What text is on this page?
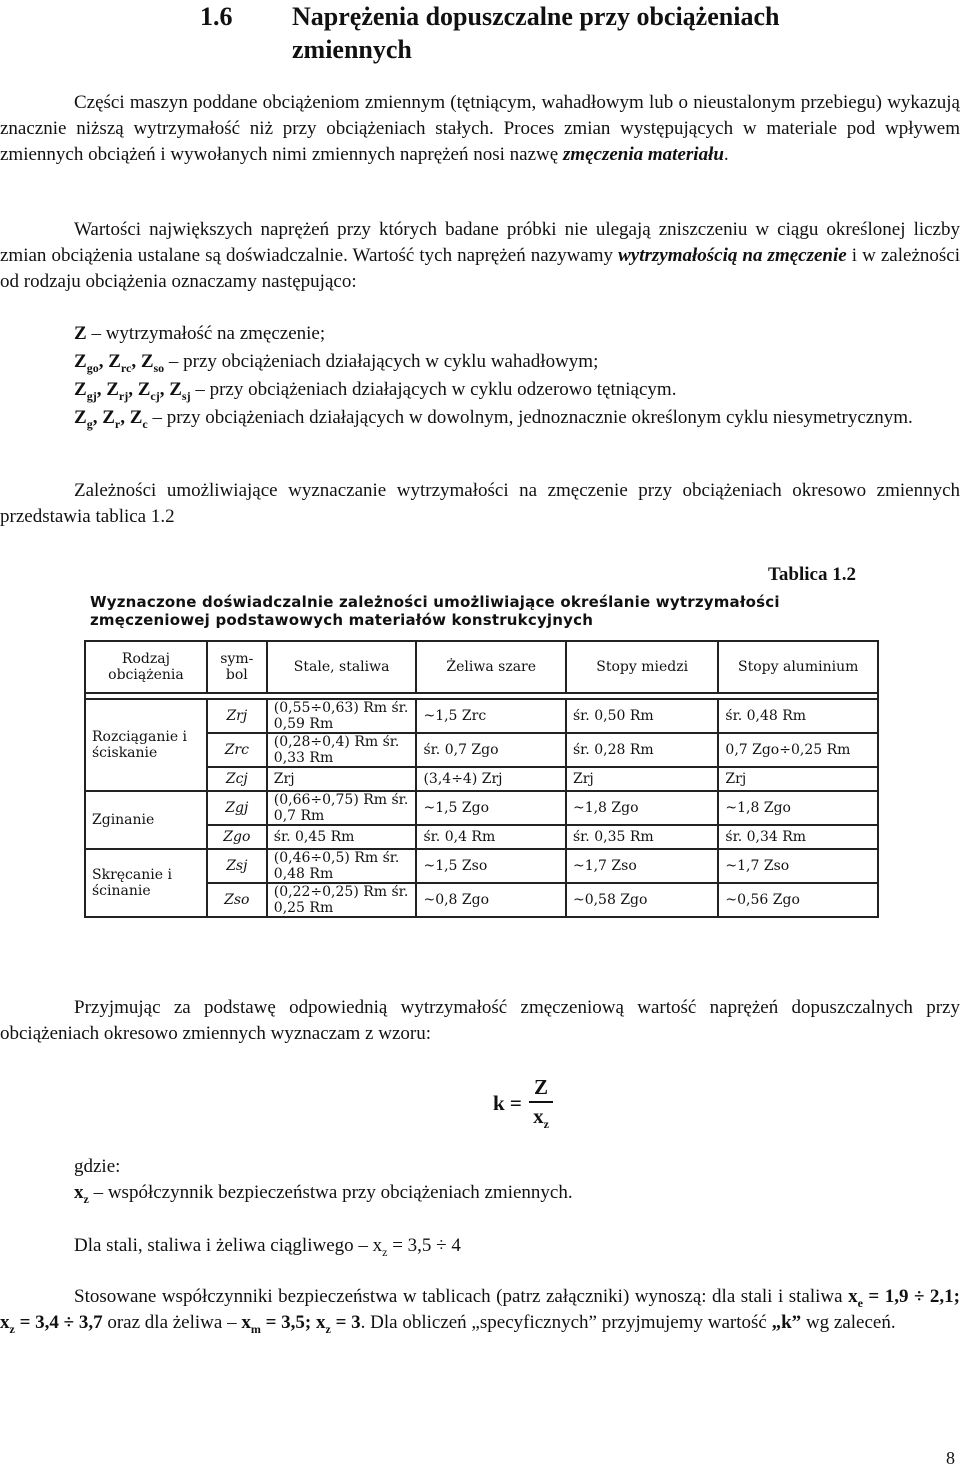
1.6 Naprężenia dopuszczalne przy obciążeniach zmiennych

Części maszyn poddane obciążeniom zmiennym (tętniącym, wahadłowym lub o nieustalonym przebiegu) wykazują znacznie niższą wytrzymałość niż przy obciążeniach stałych. Proces zmian występujących w materiale pod wpływem zmiennych obciążeń i wywołanych nimi zmiennych naprężeń nosi nazwę zmęczenia materiału.

Wartości największych naprężeń przy których badane próbki nie ulegają zniszczeniu w ciągu określonej liczby zmian obciążenia ustalane są doświadczalnie. Wartość tych naprężeń nazywamy wytrzymałością na zmęczenie i w zależności od rodzaju obciążenia oznaczamy następująco:

Z – wytrzymałość na zmęczenie;
$Z_{go}$, $Z_{rc}$, $Z_{so}$ – przy obciążeniach działających w cyklu wahadłowym;
$Z_{gj}$, $Z_{rj}$, $Z_{cj}$, $Z_{sj}$ – przy obciążeniach działających w cyklu odzerowo tętniącym.
$Z_g$, $Z_r$, $Z_c$ – przy obciążeniach działających w dowolnym, jednoznacznie określonym cyklu niesymetrycznym.

Zależności umożliwiające wyznaczanie wytrzymałości na zmęczenie przy obciążeniach okresowo zmiennych przedstawia tablica 1.2

Tablica 1.2
Wyznaczone doświadczalnie zależności umożliwiające określanie wytrzymałości
zmęczeniowej podstawowych materiałów konstrukcyjnych
Rodzaj obciążenia	sym-bol	Stale, staliwa	Żeliwa szare	Stopy miedzi	Stopy aluminium

Rozciąganie i ściskanie	Zrj	(0,55÷0,63) Rm śr. 0,59 Rm	~1,5 Zrc	śr. 0,50 Rm	śr. 0,48 Rm
	Zrc	(0,28÷0,4) Rm śr. 0,33 Rm	śr. 0,7 Zgo	śr. 0,28 Rm	0,7 Zgo÷0,25 Rm
	Zcj	Zrj	(3,4÷4) Zrj	Zrj	Zrj
Zginanie	Zgj	(0,66÷0,75) Rm śr. 0,7 Rm	~1,5 Zgo	~1,8 Zgo	~1,8 Zgo
	Zgo	śr. 0,45 Rm	śr. 0,4 Rm	śr. 0,35 Rm	śr. 0,34 Rm
Skręcanie i ścinanie	Zsj	(0,46÷0,5) Rm śr. 0,48 Rm	~1,5 Zso	~1,7 Zso	~1,7 Zso
	Zso	(0,22÷0,25) Rm śr. 0,25 Rm	~0,8 Zgo	~0,58 Zgo	~0,56 Zgo

Przyjmując za podstawę odpowiednią wytrzymałość zmęczeniową wartość naprężeń dopuszczalnych przy obciążeniach okresowo zmiennych wyznaczam z wzoru:

$k = \frac{Z}{x_z}$

gdzie:

$x_z$ – współczynnik bezpieczeństwa przy obciążeniach zmiennych.

Dla stali, staliwa i żeliwa ciągliwego – $x_z = 3,5 \div 4$

Stosowane współczynniki bezpieczeństwa w tablicach (patrz załączniki) wynoszą: dla stali i staliwa $x_e = 1,9 \div 2,1$; $x_z = 3,4 \div 3,7$ oraz dla żeliwa – $x_m = 3,5$; $x_z = 3$. Dla obliczeń „specyficznych” przyjmujemy wartość „k” wg zaleceń.

8
